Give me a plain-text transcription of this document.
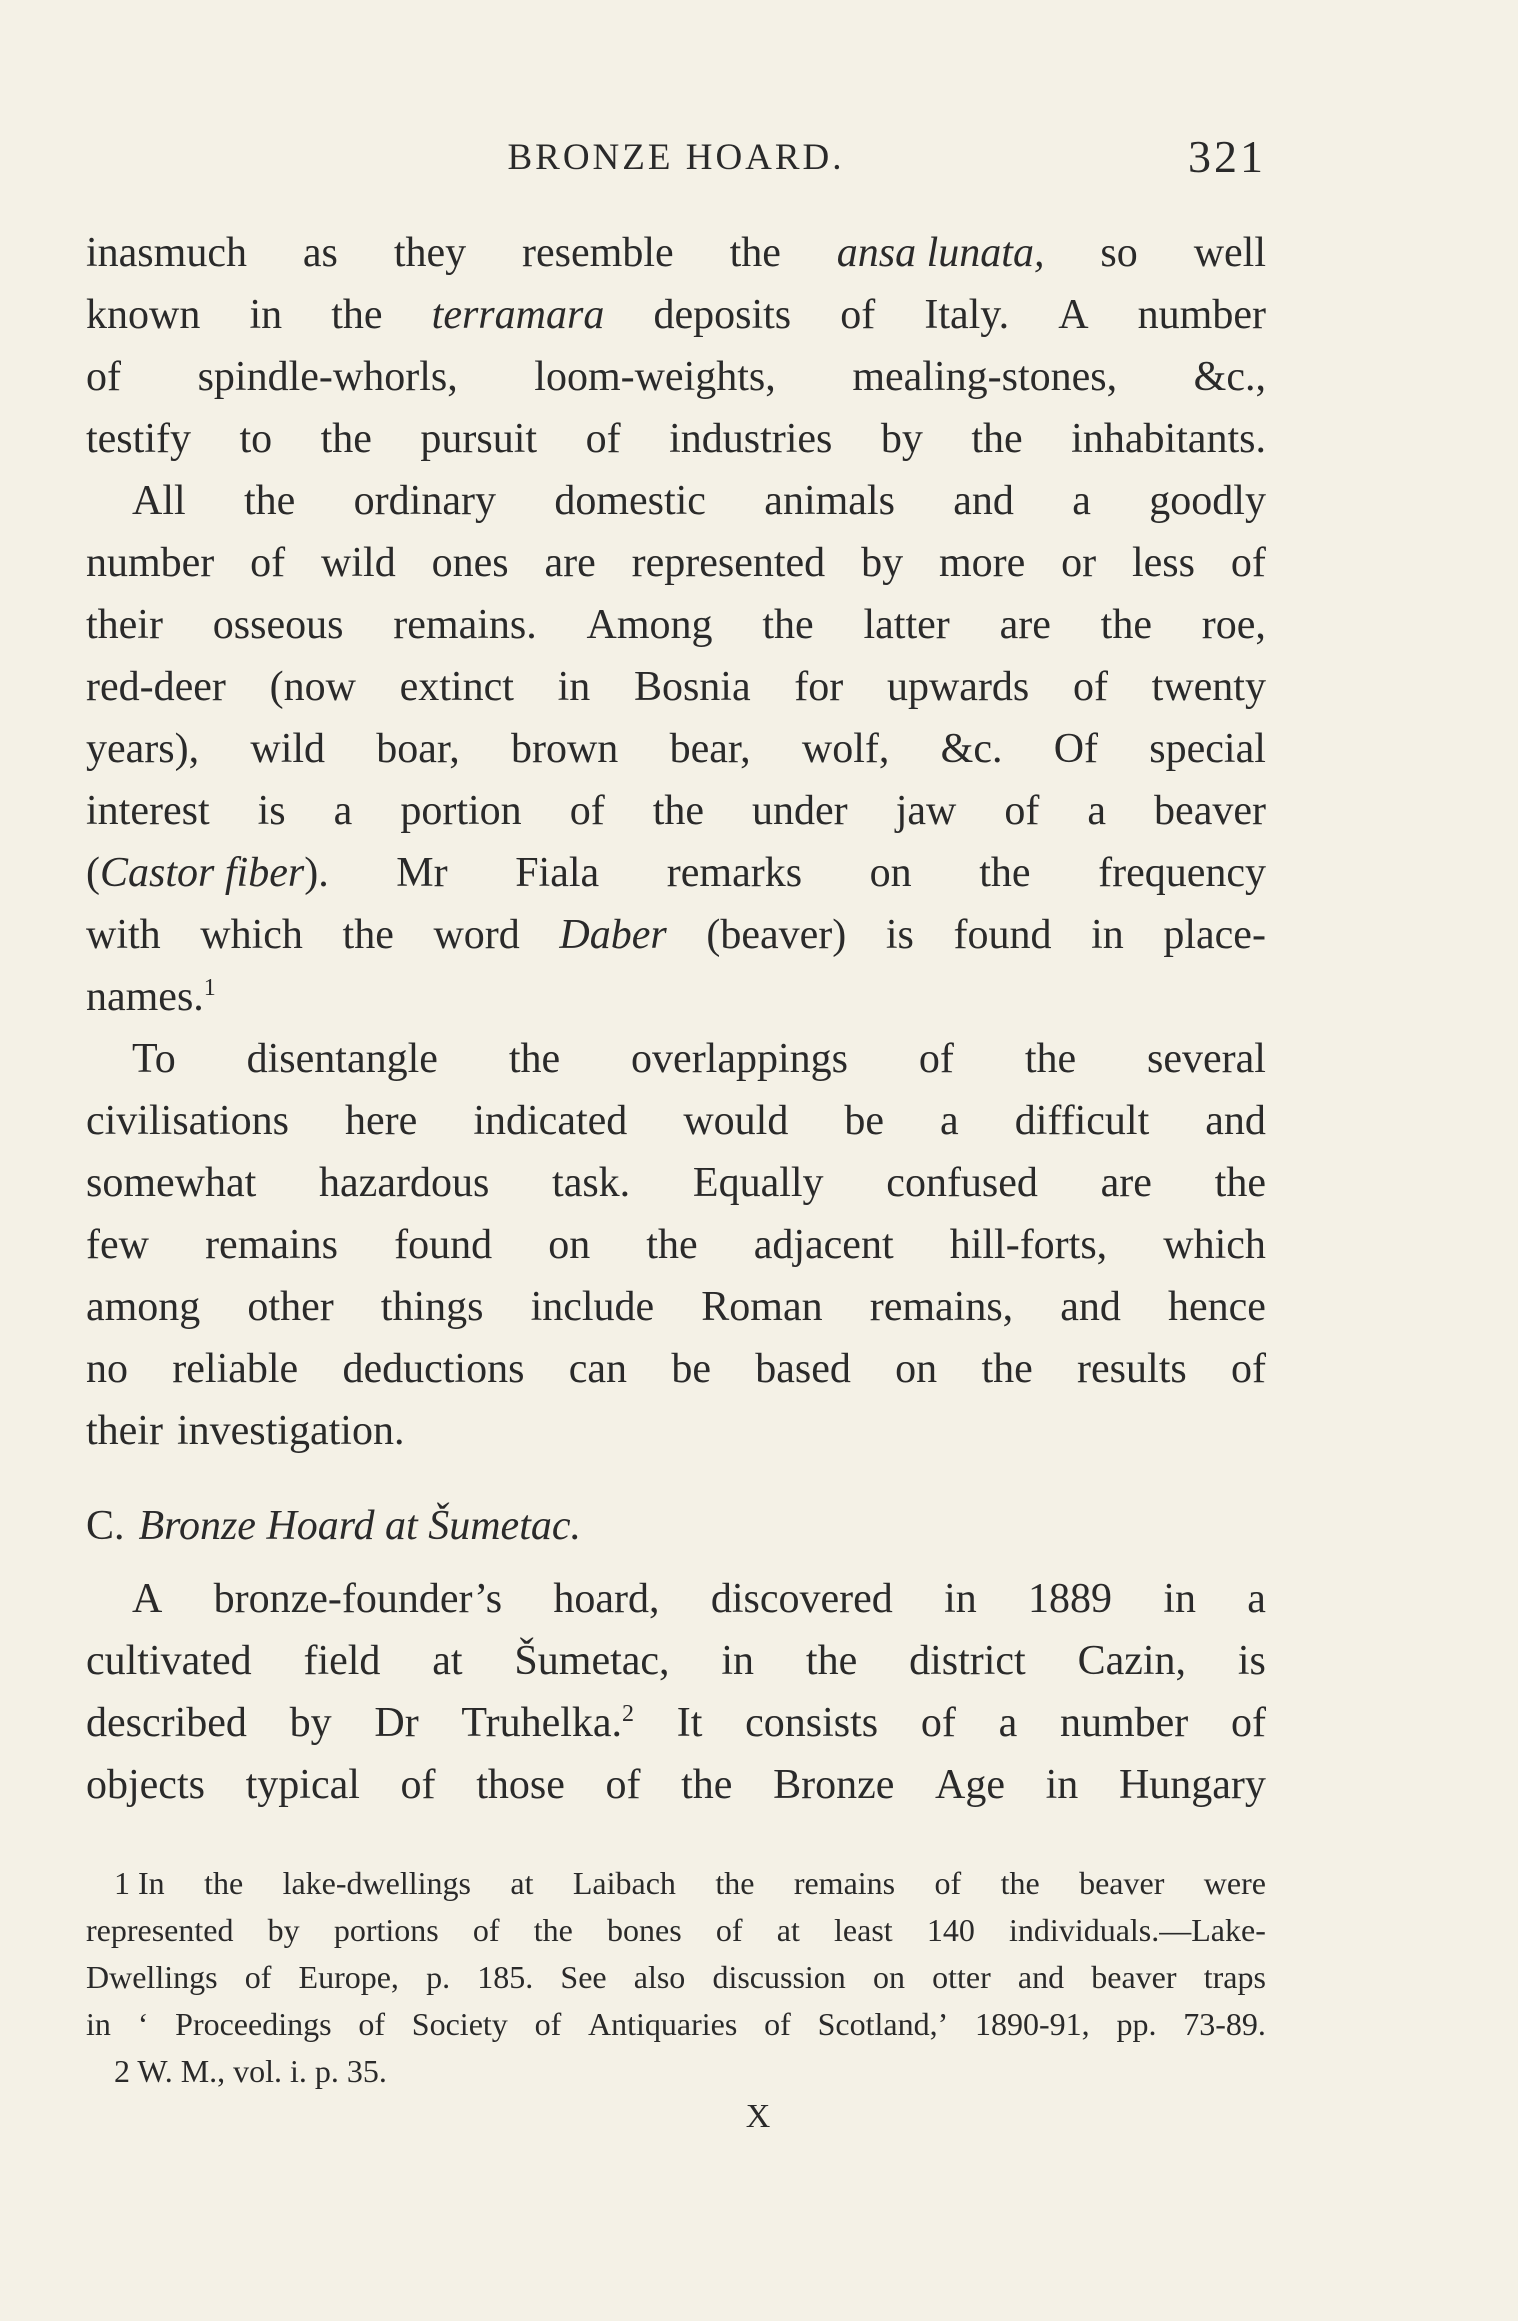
BRONZE HOARD.	321
inasmuch as they resemble the ansa lunata, so well
known in the terramara deposits of Italy. A number
of spindle-whorls, loom-weights, mealing-stones, &c.,
testify to the pursuit of industries by the inhabitants.
All the ordinary domestic animals and a goodly
number of wild ones are represented by more or less of
their osseous remains. Among the latter are the roe,
red-deer (now extinct in Bosnia for upwards of twenty
years), wild boar, brown bear, wolf, &c. Of special
interest is a portion of the under jaw of a beaver
(Castor fiber). Mr Fiala remarks on the frequency
with which the word Daber (beaver) is found in place-
names.$^1$
To disentangle the overlappings of the several
civilisations here indicated would be a difficult and
somewhat hazardous task. Equally confused are the
few remains found on the adjacent hill-forts, which
among other things include Roman remains, and hence
no reliable deductions can be based on the results of
their investigation.
C. Bronze Hoard at Šumetac.
A bronze-founder’s hoard, discovered in 1889 in a
cultivated field at Šumetac, in the district Cazin, is
described by Dr Truhelka.$^2$ It consists of a number of
objects typical of those of the Bronze Age in Hungary
1 In the lake-dwellings at Laibach the remains of the beaver were
represented by portions of the bones of at least 140 individuals.—Lake-
Dwellings of Europe, p. 185. See also discussion on otter and beaver traps
in ‘ Proceedings of Society of Antiquaries of Scotland,’ 1890-91, pp. 73-89.
2 W. M., vol. i. p. 35.
X
